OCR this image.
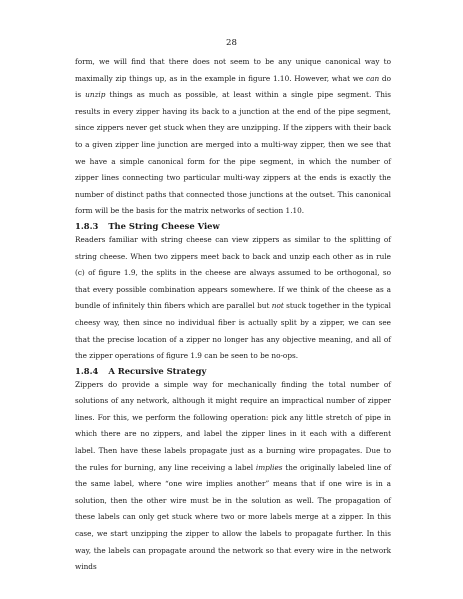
28

form, we will find that there does not seem to be any unique canonical way to maximally zip things up, as in the example in figure 1.10. However, what we can do is unzip things as much as possible, at least within a single pipe segment. This results in every zipper having its back to a junction at the end of the pipe segment, since zippers never get stuck when they are unzipping. If the zippers with their back to a given zipper line junction are merged into a multi-way zipper, then we see that we have a simple canonical form for the pipe segment, in which the number of zipper lines connecting two particular multi-way zippers at the ends is exactly the number of distinct paths that connected those junctions at the outset. This canonical form will be the basis for the matrix networks of section 1.10.

1.8.3 The String Cheese View

Readers familiar with string cheese can view zippers as similar to the splitting of string cheese. When two zippers meet back to back and unzip each other as in rule (c) of figure 1.9, the splits in the cheese are always assumed to be orthogonal, so that every possible combination appears somewhere. If we think of the cheese as a bundle of infinitely thin fibers which are parallel but not stuck together in the typical cheesy way, then since no individual fiber is actually split by a zipper, we can see that the precise location of a zipper no longer has any objective meaning, and all of the zipper operations of figure 1.9 can be seen to be no-ops.

1.8.4 A Recursive Strategy

Zippers do provide a simple way for mechanically finding the total number of solutions of any network, although it might require an impractical number of zipper lines. For this, we perform the following operation: pick any little stretch of pipe in which there are no zippers, and label the zipper lines in it each with a different label. Then have these labels propagate just as a burning wire propagates. Due to the rules for burning, any line receiving a label implies the originally labeled line of the same label, where “one wire implies another” means that if one wire is in a solution, then the other wire must be in the solution as well. The propagation of these labels can only get stuck where two or more labels merge at a zipper. In this case, we start unzipping the zipper to allow the labels to propagate further. In this way, the labels can propagate around the network so that every wire in the network winds
